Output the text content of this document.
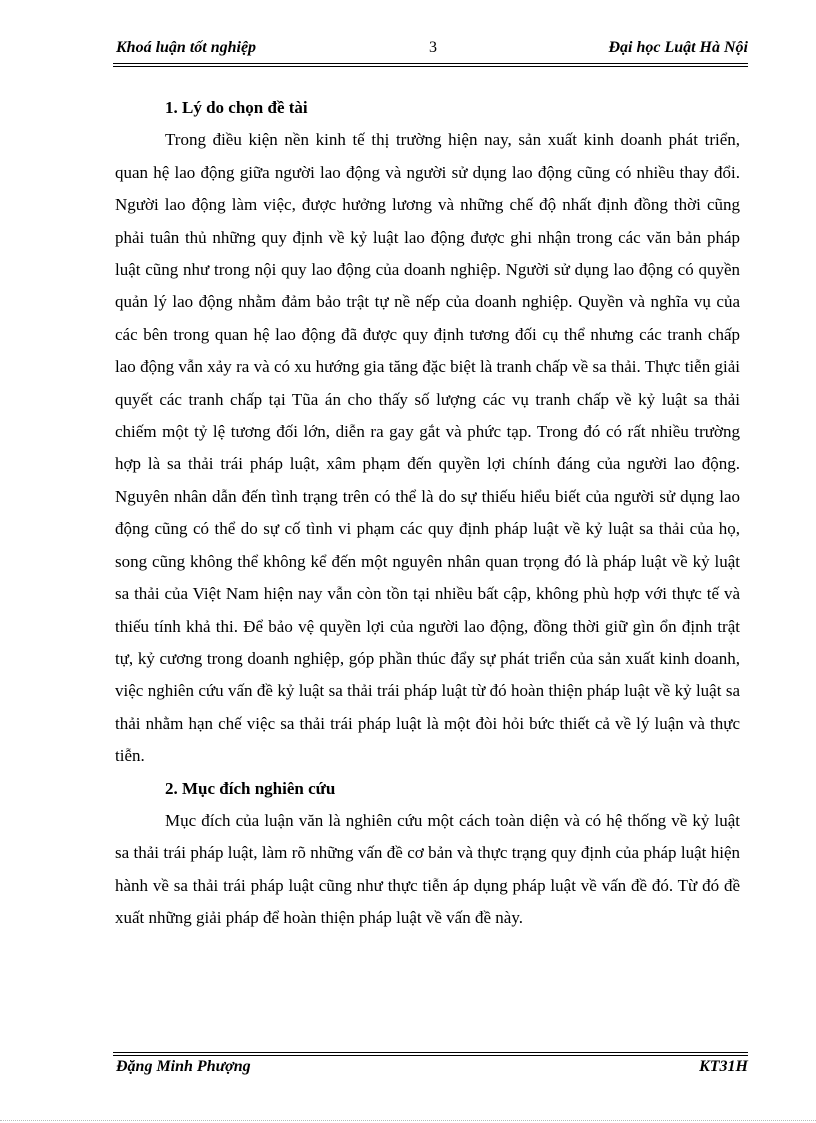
Khoá luận tốt nghiệp	3	Đại học Luật Hà Nội

1. Lý do chọn đề tài

Trong điều kiện nền kinh tế thị trường hiện nay, sản xuất kinh doanh phát triển, quan hệ lao động giữa người lao động và người sử dụng lao động cũng có nhiều thay đổi. Người lao động làm việc, được hưởng lương và những chế độ nhất định đồng thời cũng phải tuân thủ những quy định về kỷ luật lao động được ghi nhận trong các văn bản pháp luật cũng như trong nội quy lao động của doanh nghiệp. Người sử dụng lao động có quyền quản lý lao động nhằm đảm bảo trật tự nề nếp của doanh nghiệp. Quyền và nghĩa vụ của các bên trong quan hệ lao động đã được quy định tương đối cụ thể nhưng các tranh chấp lao động vẫn xảy ra và có xu hướng gia tăng đặc biệt là tranh chấp về sa thải. Thực tiễn giải quyết các tranh chấp tại Tũa án cho thấy số lượng các vụ tranh chấp về kỷ luật sa thải chiếm một tỷ lệ tương đối lớn, diễn ra gay gắt và phức tạp. Trong đó có rất nhiều trường hợp là sa thải trái pháp luật, xâm phạm đến quyền lợi chính đáng của người lao động. Nguyên nhân dẫn đến tình trạng trên có thể là do sự thiếu hiểu biết của người sử dụng lao động cũng có thể do sự cố tình vi phạm các quy định pháp luật về kỷ luật sa thải của họ, song cũng không thể không kể đến một nguyên nhân quan trọng đó là pháp luật về kỷ luật sa thải của Việt Nam hiện nay vẫn còn tồn tại nhiều bất cập, không phù hợp với thực tế và thiếu tính khả thi. Để bảo vệ quyền lợi của người lao động, đồng thời giữ gìn ổn định trật tự, kỷ cương trong doanh nghiệp, góp phần thúc đẩy sự phát triển của sản xuất kinh doanh, việc nghiên cứu vấn đề kỷ luật sa thải trái pháp luật từ đó hoàn thiện pháp luật về kỷ luật sa thải nhằm hạn chế việc sa thải trái pháp luật là một đòi hỏi bức thiết cả về lý luận và thực tiễn.

2. Mục đích nghiên cứu

Mục đích của luận văn là nghiên cứu một cách toàn diện và có hệ thống về kỷ luật sa thải trái pháp luật, làm rõ những vấn đề cơ bản và thực trạng quy định của pháp luật hiện hành về sa thải trái pháp luật cũng như thực tiễn áp dụng pháp luật về vấn đề đó. Từ đó đề xuất những giải pháp để hoàn thiện pháp luật về vấn đề này.

Đặng Minh Phượng	KT31H
